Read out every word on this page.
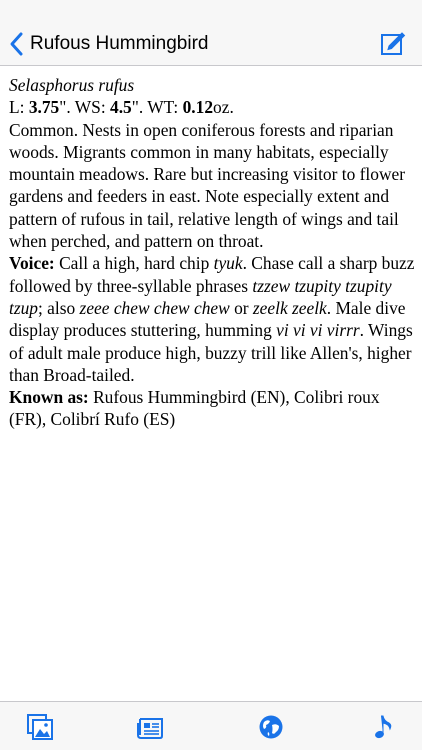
Rufous Hummingbird

Selasphorus rufus

L: 3.75". WS: 4.5". WT: 0.12oz.

Common. Nests in open coniferous forests and riparian woods. Migrants common in many habitats, especially mountain meadows. Rare but increasing visitor to flower gardens and feeders in east. Note especially extent and pattern of rufous in tail, relative length of wings and tail when perched, and pattern on throat.

Voice: Call a high, hard chip tyuk. Chase call a sharp buzz followed by three-syllable phrases tzzew tzupity tzupity tzup; also zeee chew chew chew or zeelk zeelk. Male dive display produces stuttering, humming vi vi vi virrr. Wings of adult male produce high, buzzy trill like Allen's, higher than Broad-tailed.

Known as: Rufous Hummingbird (EN), Colibri roux (FR), Colibrí Rufo (ES)
